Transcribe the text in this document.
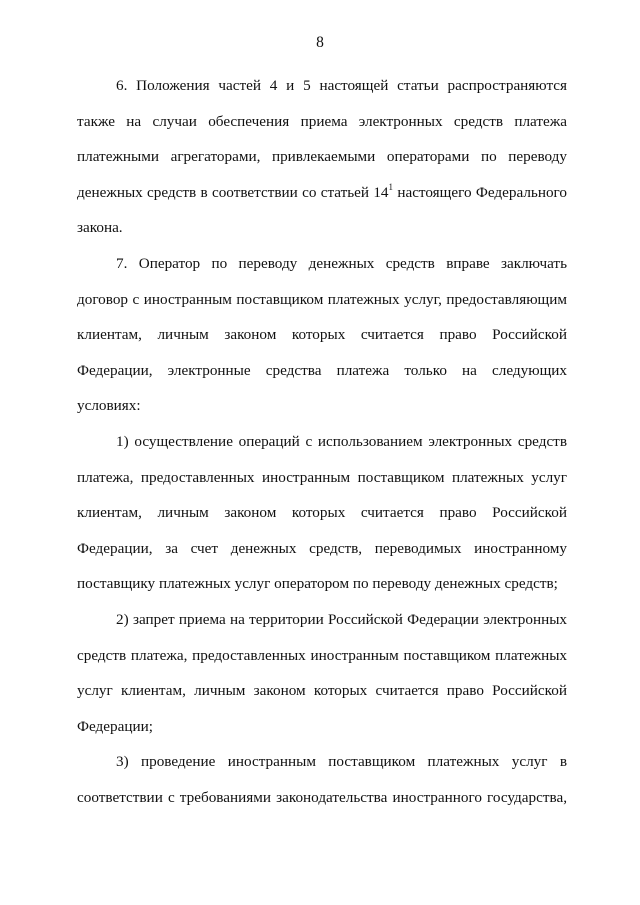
8
6. Положения частей 4 и 5 настоящей статьи распространяются
также на случаи обеспечения приема электронных средств платежа
платежными агрегаторами, привлекаемыми операторами по переводу
денежных средств в соответствии со статьей $14^1$ настоящего Федерального
закона.
7. Оператор по переводу денежных средств вправе заключать
договор с иностранным поставщиком платежных услуг, предоставляющим
клиентам, личным законом которых считается право Российской
Федерации, электронные средства платежа только на следующих
условиях:
1) осуществление операций с использованием электронных средств
платежа, предоставленных иностранным поставщиком платежных услуг
клиентам, личным законом которых считается право Российской
Федерации, за счет денежных средств, переводимых иностранному
поставщику платежных услуг оператором по переводу денежных средств;
2) запрет приема на территории Российской Федерации электронных
средств платежа, предоставленных иностранным поставщиком платежных
услуг клиентам, личным законом которых считается право Российской
Федерации;
3) проведение иностранным поставщиком платежных услуг в
соответствии с требованиями законодательства иностранного государства,
